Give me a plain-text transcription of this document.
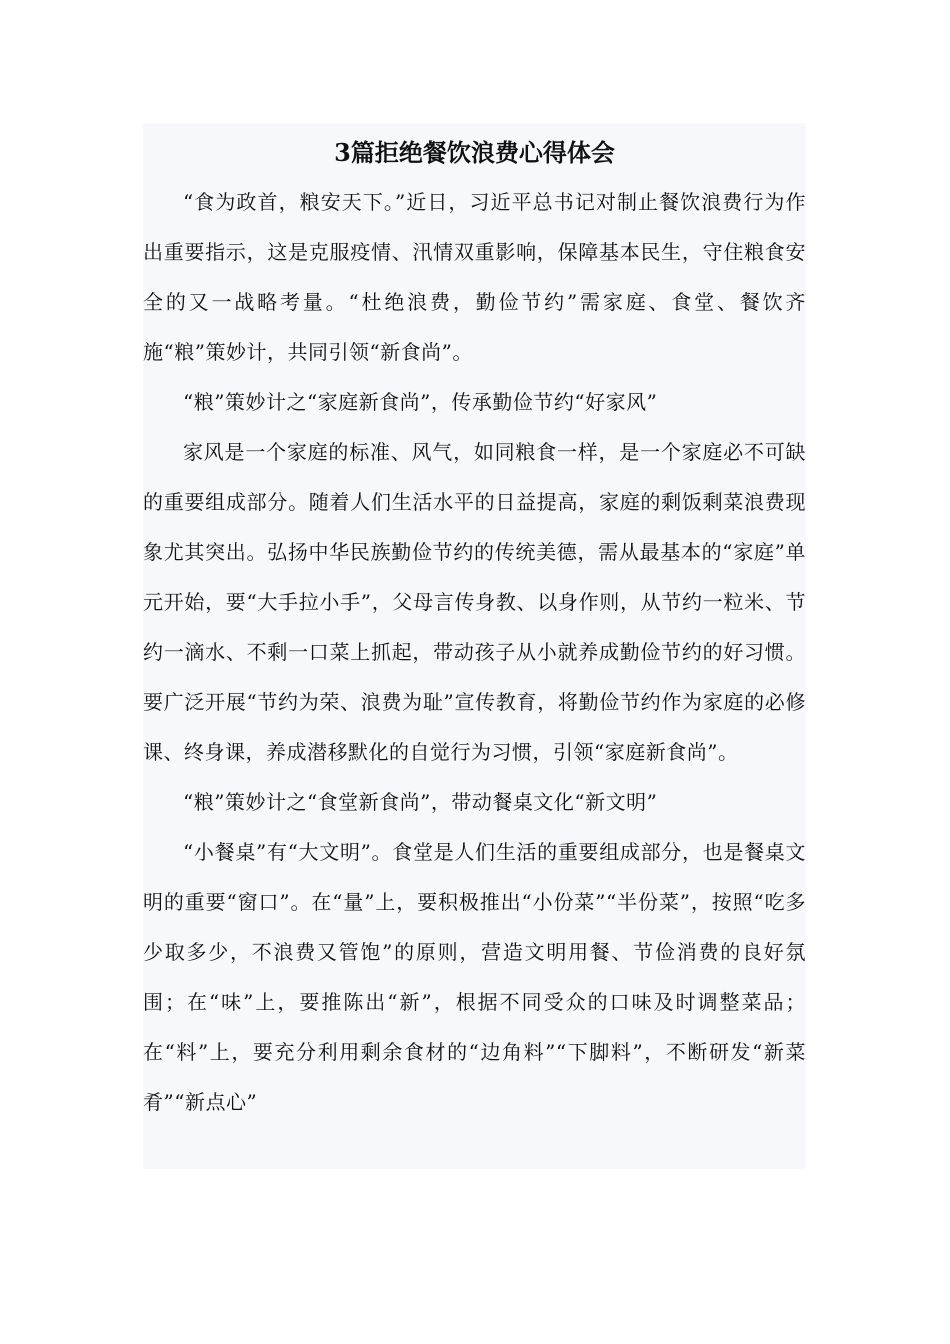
3篇拒绝餐饮浪费心得体会

“食为政首，粮安天下。”近日，习近平总书记对制止餐饮浪费行为作出重要指示，这是克服疫情、汛情双重影响，保障基本民生，守住粮食安全的又一战略考量。“杜绝浪费，勤俭节约”需家庭、食堂、餐饮齐施“粮”策妙计，共同引领“新食尚”。

“粮”策妙计之“家庭新食尚”，传承勤俭节约“好家风”

家风是一个家庭的标准、风气，如同粮食一样，是一个家庭必不可缺的重要组成部分。随着人们生活水平的日益提高，家庭的剩饭剩菜浪费现象尤其突出。弘扬中华民族勤俭节约的传统美德，需从最基本的“家庭”单元开始，要“大手拉小手”，父母言传身教、以身作则，从节约一粒米、节约一滴水、不剩一口菜上抓起，带动孩子从小就养成勤俭节约的好习惯。要广泛开展“节约为荣、浪费为耻”宣传教育，将勤俭节约作为家庭的必修课、终身课，养成潜移默化的自觉行为习惯，引领“家庭新食尚”。

“粮”策妙计之“食堂新食尚”，带动餐桌文化“新文明”

“小餐桌”有“大文明”。食堂是人们生活的重要组成部分，也是餐桌文明的重要“窗口”。在“量”上，要积极推出“小份菜”“半份菜”，按照“吃多少取多少，不浪费又管饱”的原则，营造文明用餐、节俭消费的良好氛围；在“味”上，要推陈出“新”，根据不同受众的口味及时调整菜品；在“料”上，要充分利用剩余食材的“边角料”“下脚料”，不断研发“新菜肴”“新点心”
